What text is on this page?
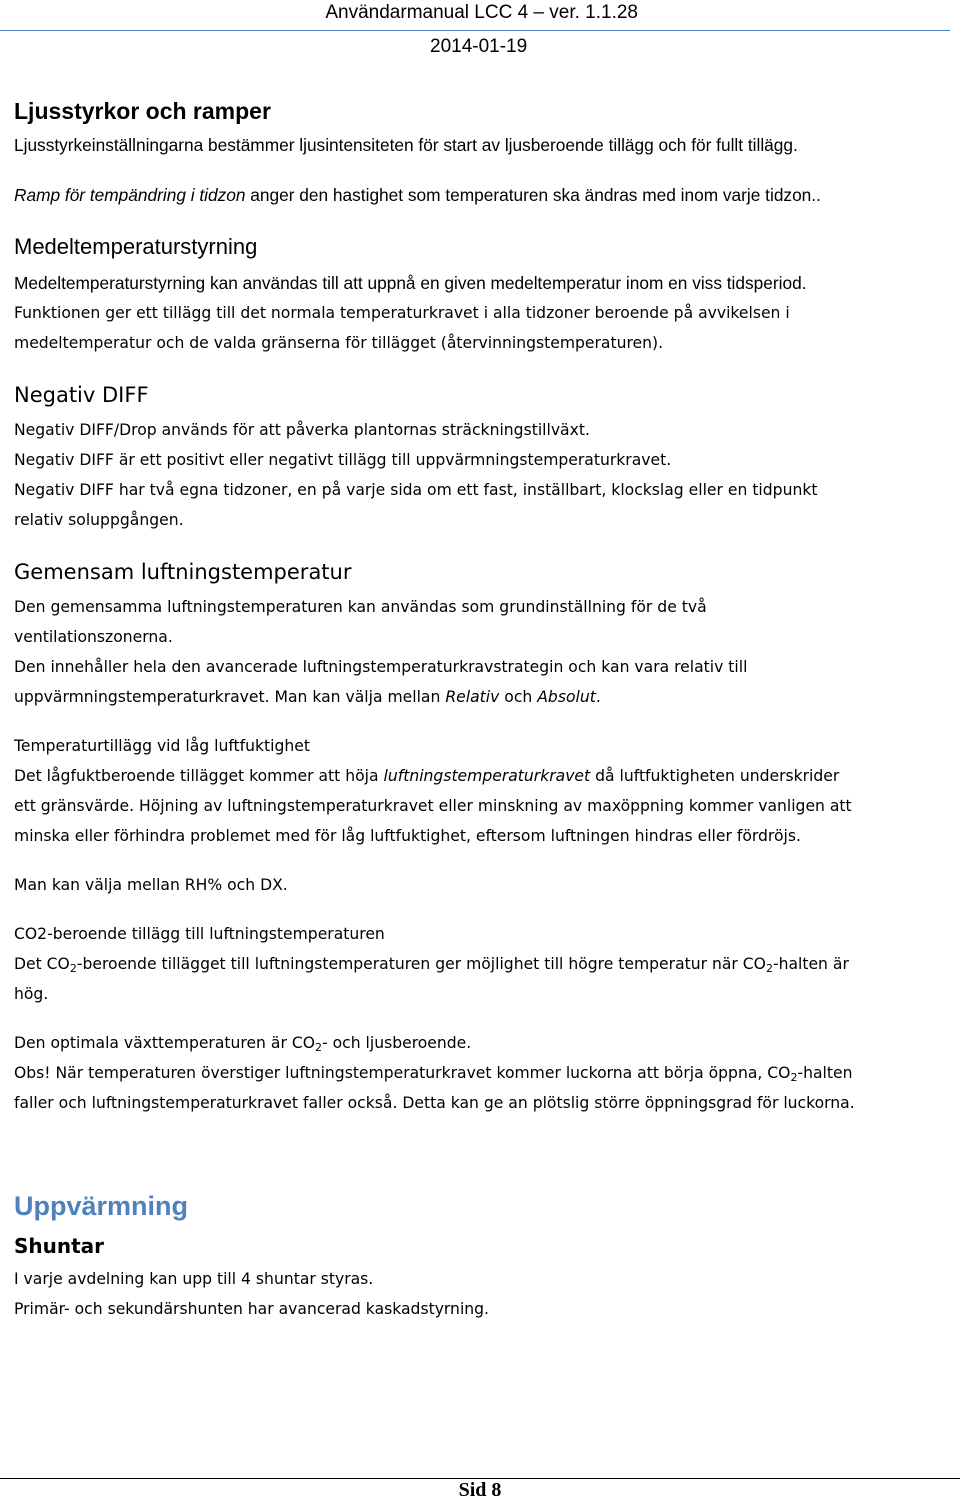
Användarmanual LCC 4 – ver. 1.1.28
2014-01-19
Ljusstyrkor och ramper
Ljusstyrkeinställningarna bestämmer ljusintensiteten för start av ljusberoende tillägg och för fullt tillägg.
Ramp för tempändring i tidzon anger den hastighet som temperaturen ska ändras med inom varje tidzon..
Medeltemperaturstyrning
Medeltemperaturstyrning kan användas till att uppnå en given medeltemperatur inom en viss tidsperiod.
Funktionen ger ett tillägg till det normala temperaturkravet i alla tidzoner beroende på avvikelsen i
medeltemperatur och de valda gränserna för tillägget (återvinningstemperaturen).
Negativ DIFF
Negativ DIFF/Drop används för att påverka plantornas sträckningstillväxt.
Negativ DIFF är ett positivt eller negativt tillägg till uppvärmningstemperaturkravet.
Negativ DIFF har två egna tidzoner, en på varje sida om ett fast, inställbart, klockslag eller en tidpunkt
relativ soluppgången.
Gemensam luftningstemperatur
Den gemensamma luftningstemperaturen kan användas som grundinställning för de två
ventilationszonerna.
Den innehåller hela den avancerade luftningstemperaturkravstrategin och kan vara relativ till
uppvärmningstemperaturkravet. Man kan välja mellan Relativ och Absolut.
Temperaturtillägg vid låg luftfuktighet
Det lågfuktberoende tillägget kommer att höja luftningstemperaturkravet då luftfuktigheten underskrider
ett gränsvärde. Höjning av luftningstemperaturkravet eller minskning av maxöppning kommer vanligen att
minska eller förhindra problemet med för låg luftfuktighet, eftersom luftningen hindras eller fördröjs.
Man kan välja mellan RH% och DX.
CO2-beroende tillägg till luftningstemperaturen
Det $CO_2$-beroende tillägget till luftningstemperaturen ger möjlighet till högre temperatur när $CO_2$-halten är
hög.
Den optimala växttemperaturen är $CO_2-$ och ljusberoende.
Obs! När temperaturen överstiger luftningstemperaturkravet kommer luckorna att börja öppna, $CO_2$-halten
faller och luftningstemperaturkravet faller också. Detta kan ge an plötslig större öppningsgrad för luckorna.
Uppvärmning
Shuntar
I varje avdelning kan upp till 4 shuntar styras.
Primär- och sekundärshunten har avancerad kaskadstyrning.
Sid 8
